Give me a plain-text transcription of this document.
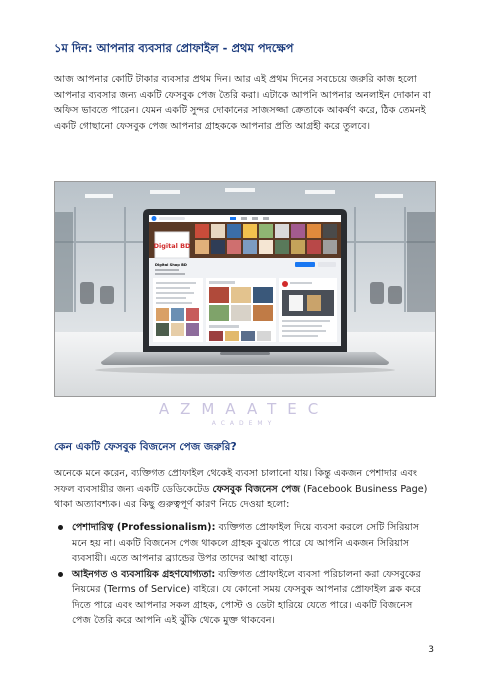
১ম দিন: আপনার ব্যবসার প্রোফাইল - প্রথম পদক্ষেপ
আজ আপনার কোটি টাকার ব্যবসার প্রথম দিন। আর এই প্রথম দিনের সবচেয়ে জরুরি কাজ হলো আপনার ব্যবসার জন্য একটি ফেসবুক পেজ তৈরি করা। এটাকে আপনি আপনার অনলাইন দোকান বা অফিস ভাবতে পারেন। যেমন একটি সুন্দর দোকানের সাজসজ্জা ক্রেতাকে আকর্ষণ করে, ঠিক তেমনই একটি গোছানো ফেসবুক পেজ আপনার গ্রাহককে আপনার প্রতি আগ্রহী করে তুলবে।
Digital BD
Digital Shop BD
AZMAATEC
ACADEMY
কেন একটি ফেসবুক বিজনেস পেজ জরুরি?
অনেকে মনে করেন, ব্যক্তিগত প্রোফাইল থেকেই ব্যবসা চালানো যায়। কিন্তু একজন পেশাদার এবং সফল ব্যবসায়ীর জন্য একটি ডেডিকেটেড ফেসবুক বিজনেস পেজ (Facebook Business Page) থাকা অত্যাবশ্যক। এর কিছু গুরুত্বপূর্ণ কারণ নিচে দেওয়া হলো:
পেশাদারিত্ব (Professionalism): ব্যক্তিগত প্রোফাইল দিয়ে ব্যবসা করলে সেটি সিরিয়াস মনে হয় না। একটি বিজনেস পেজ থাকলে গ্রাহক বুঝতে পারে যে আপনি একজন সিরিয়াস ব্যবসায়ী। এতে আপনার ব্র্যান্ডের উপর তাদের আস্থা বাড়ে।
আইনগত ও ব্যবসায়িক গ্রহণযোগ্যতা: ব্যক্তিগত প্রোফাইলে ব্যবসা পরিচালনা করা ফেসবুকের নিয়মের (Terms of Service) বাইরে। যে কোনো সময় ফেসবুক আপনার প্রোফাইল ব্লক করে দিতে পারে এবং আপনার সকল গ্রাহক, পোস্ট ও ডেটা হারিয়ে যেতে পারে। একটি বিজনেস পেজ তৈরি করে আপনি এই ঝুঁকি থেকে মুক্ত থাকবেন।
3
